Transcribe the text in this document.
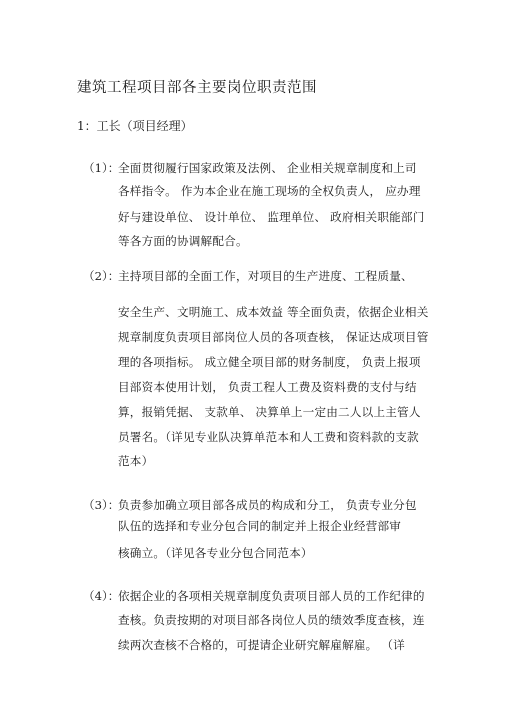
建筑工程项目部各主要岗位职责范围
1：工长（项目经理）
（1）：
全面贯彻履行国家政策及法例、 企业相关规章制度和上司
各样指令。 作为本企业在施工现场的全权负责人， 应办理
好与建设单位、 设计单位、 监理单位、 政府相关职能部门
等各方面的协调解配合。
（2）：
主持项目部的全面工作，对项目的生产进度、工程质量、
安全生产、文明施工、成本效益 等全面负责，依据企业相关
规章制度负责项目部岗位人员的各项查核， 保证达成项目管
理的各项指标。 成立健全项目部的财务制度， 负责上报项
目部资本使用计划， 负责工程人工费及资料费的支付与结
算，报销凭据、 支款单、 决算单上一定由二人以上主管人
员署名。（详见专业队决算单范本和人工费和资料款的支款
范本）
（3）：
负责参加确立项目部各成员的构成和分工， 负责专业分包
队伍的选择和专业分包合同的制定并上报企业经营部审
核确立。（详见各专业分包合同范本）
（4）：
依据企业的各项相关规章制度负责项目部人员的工作纪律的
查核。负责按期的对项目部各岗位人员的绩效季度查核，连
续两次查核不合格的，可提请企业研究解雇解雇。 （详
